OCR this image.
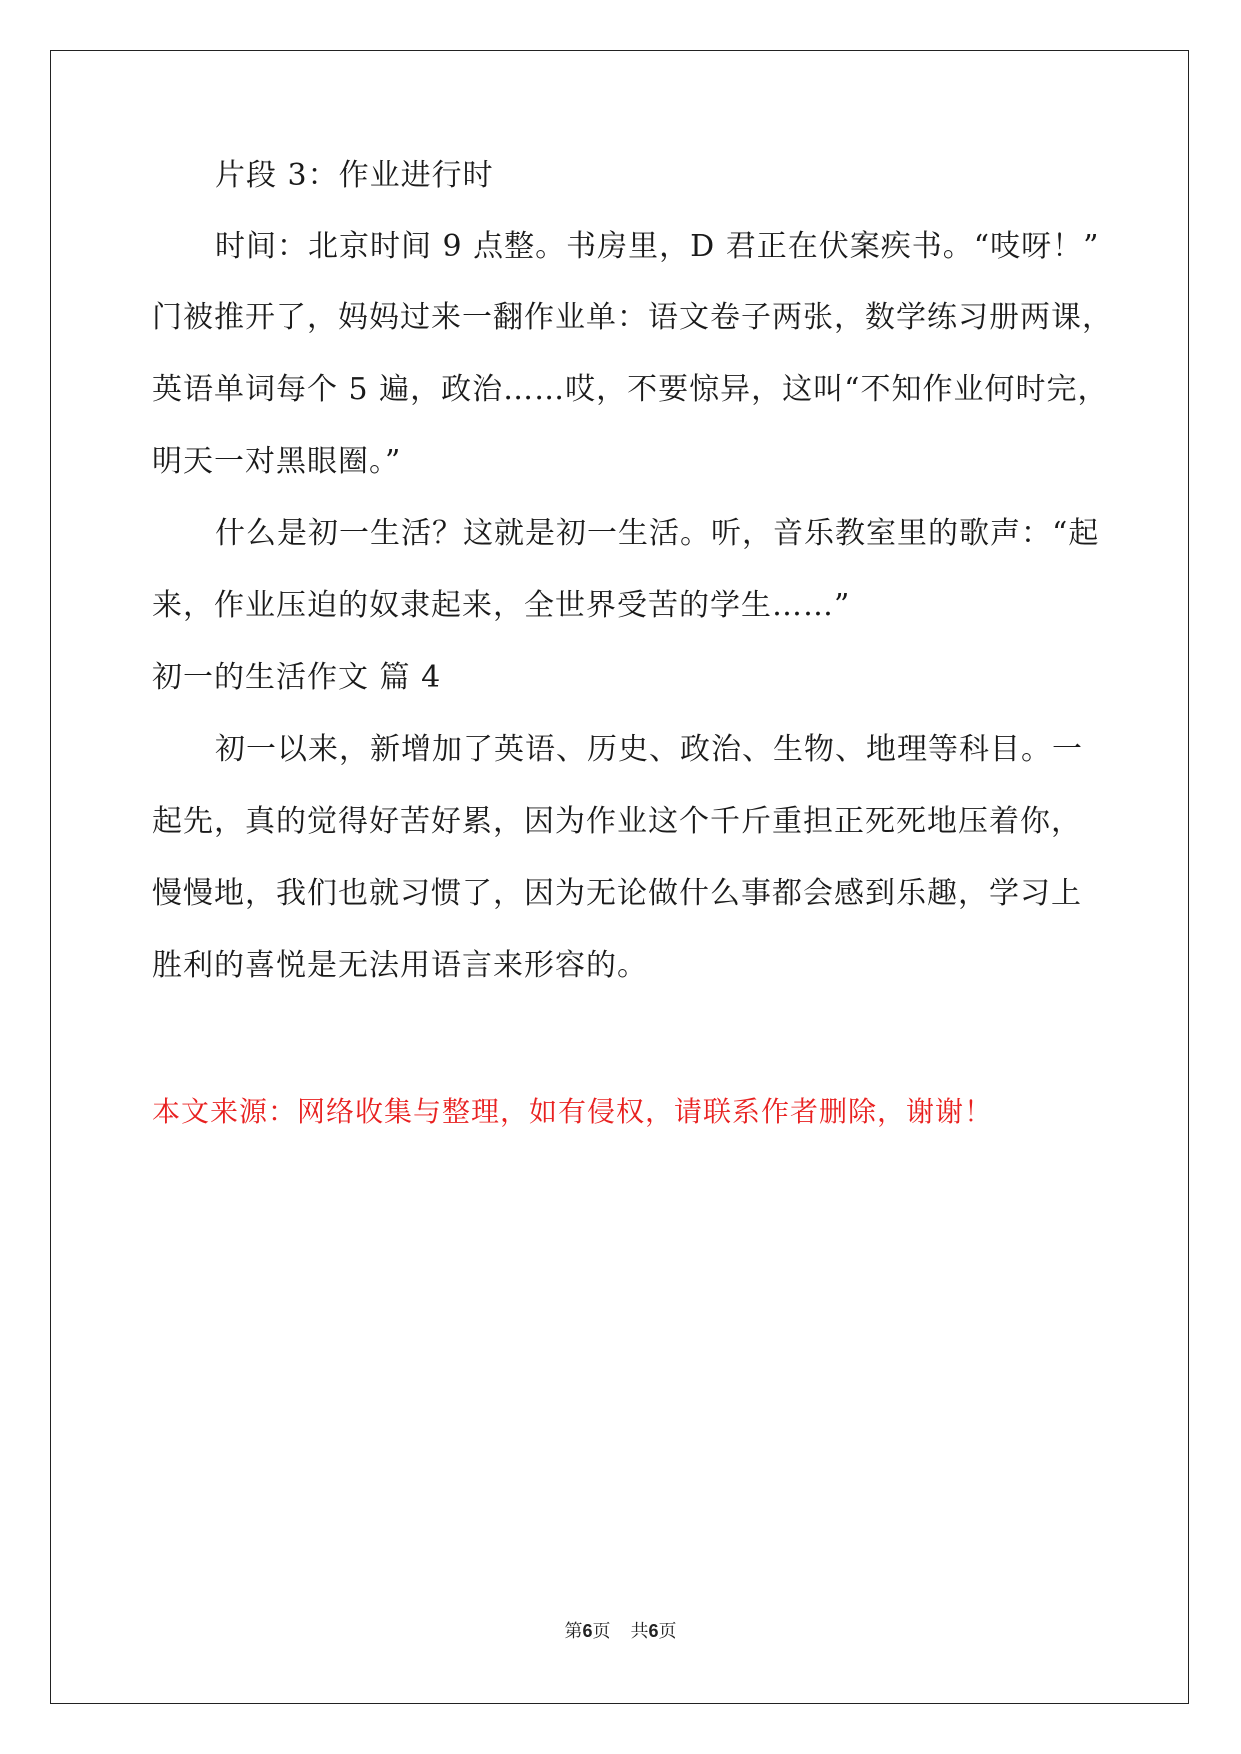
片段 3：作业进行时
时间：北京时间 9 点整。书房里，D 君正在伏案疾书。“吱呀！”
门被推开了，妈妈过来一翻作业单：语文卷子两张，数学练习册两课，
英语单词每个 5 遍，政治……哎，不要惊异，这叫“不知作业何时完，
明天一对黑眼圈。”
什么是初一生活？这就是初一生活。听，音乐教室里的歌声：“起
来，作业压迫的奴隶起来，全世界受苦的学生……”
初一的生活作文 篇 4
初一以来，新增加了英语、历史、政治、生物、地理等科目。一
起先，真的觉得好苦好累，因为作业这个千斤重担正死死地压着你，
慢慢地，我们也就习惯了，因为无论做什么事都会感到乐趣，学习上
胜利的喜悦是无法用语言来形容的。
本文来源：网络收集与整理，如有侵权，请联系作者删除，谢谢！
第6页 共6页
